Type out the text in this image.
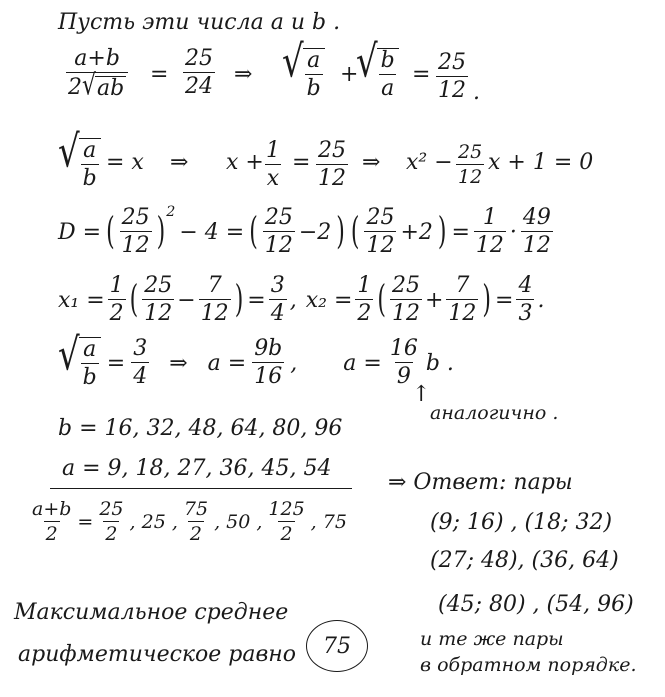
Пусть эти числа a и b .
$\frac{a+b}{2 √ ab} = \frac{25}{24}$ ⇒ √ $\frac{a}{b}$ +
√ $\frac{b}{a} = \frac{25}{12}$ .
√ $\frac{a}{b} = x$ ⇒ x + 1
x
= $\frac{25}{12}$ ⇒ $x^2 - \frac{25}{12}$ x + 1 = 0
D = ( $\frac{25}{12} )^2$
− 4 = ( $\frac{25}{12} -2$ ) ( $\frac{25}{12} +2$ ) = $\frac{1}{12} \cdot \frac{49}{12}$
$x_1 = \frac{1}{2}$ ( $\frac{25}{12} - \frac{7}{12}$ ) = $\frac{3}{4}$ , $x_2 = \frac{1}{2}$ ( $\frac{25}{12} + \frac{7}{12}$ ) = $\frac{4}{3}$ .
√ $\frac{a}{b} = \frac{3}{4}$ ⇒ $a = \frac{9b}{16}$ , $a = \frac{16}{9}$ b .
↑
аналогично .
b = 16, 32, 48, 64, 80, 96
a = 9, 18, 27, 36, 45, 54
$\frac{a+b}{2} = \frac{25}{2}$ , 25 , $\frac{75}{2}$ , 50 , $\frac{125}{2}$ , 75
⇒ Ответ: пары
(9; 16) , (18; 32)
(27; 48), (36, 64)
(45; 80) , (54, 96)
и те же пары
в обратном порядке.
Максимальное среднее
арифметическое равно 75
